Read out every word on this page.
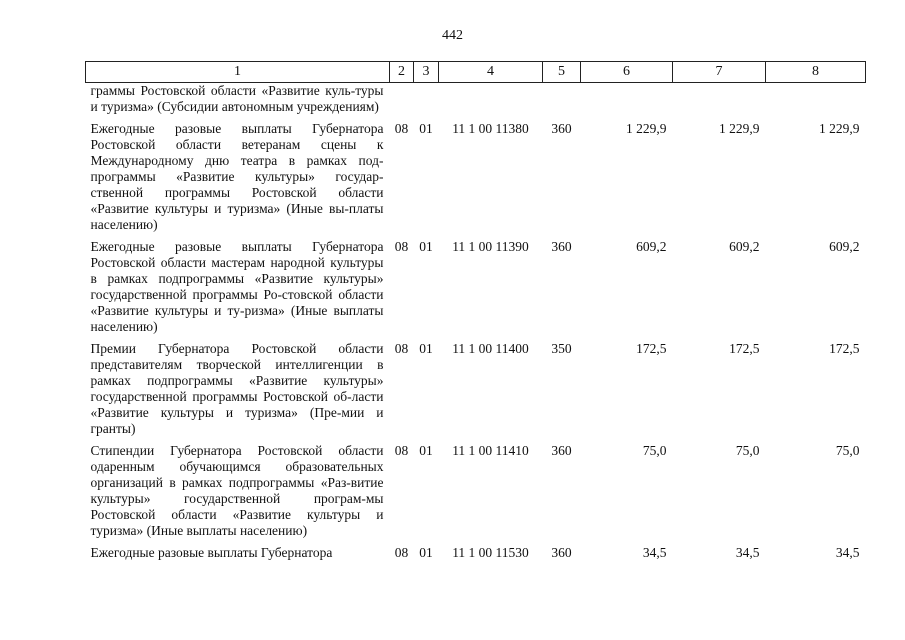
442
1	2	3	4	5	6	7	8
граммы Ростовской области «Развитие куль-туры и туризма» (Субсидии автономным учреждениям)							

Ежегодные разовые выплаты Губернатора Ростовской области ветеранам сцены к Международному дню театра в рамках под-программы «Развитие культуры» государ-ственной программы Ростовской области «Развитие культуры и туризма» (Иные вы-платы населению)	08	01	11 1 00 11380	360	1 229,9	1 229,9	1 229,9

Ежегодные разовые выплаты Губернатора Ростовской области мастерам народной культуры в рамках подпрограммы «Развитие культуры» государственной программы Ро-стовской области «Развитие культуры и ту-ризма» (Иные выплаты населению)	08	01	11 1 00 11390	360	609,2	609,2	609,2

Премии Губернатора Ростовской области представителям творческой интеллигенции в рамках подпрограммы «Развитие культуры» государственной программы Ростовской об-ласти «Развитие культуры и туризма» (Пре-мии и гранты)	08	01	11 1 00 11400	350	172,5	172,5	172,5

Стипендии Губернатора Ростовской области одаренным обучающимся образовательных организаций в рамках подпрограммы «Раз-витие культуры» государственной програм-мы Ростовской области «Развитие культуры и туризма» (Иные выплаты населению)	08	01	11 1 00 11410	360	75,0	75,0	75,0

Ежегодные разовые выплаты Губернатора	08	01	11 1 00 11530	360	34,5	34,5	34,5
